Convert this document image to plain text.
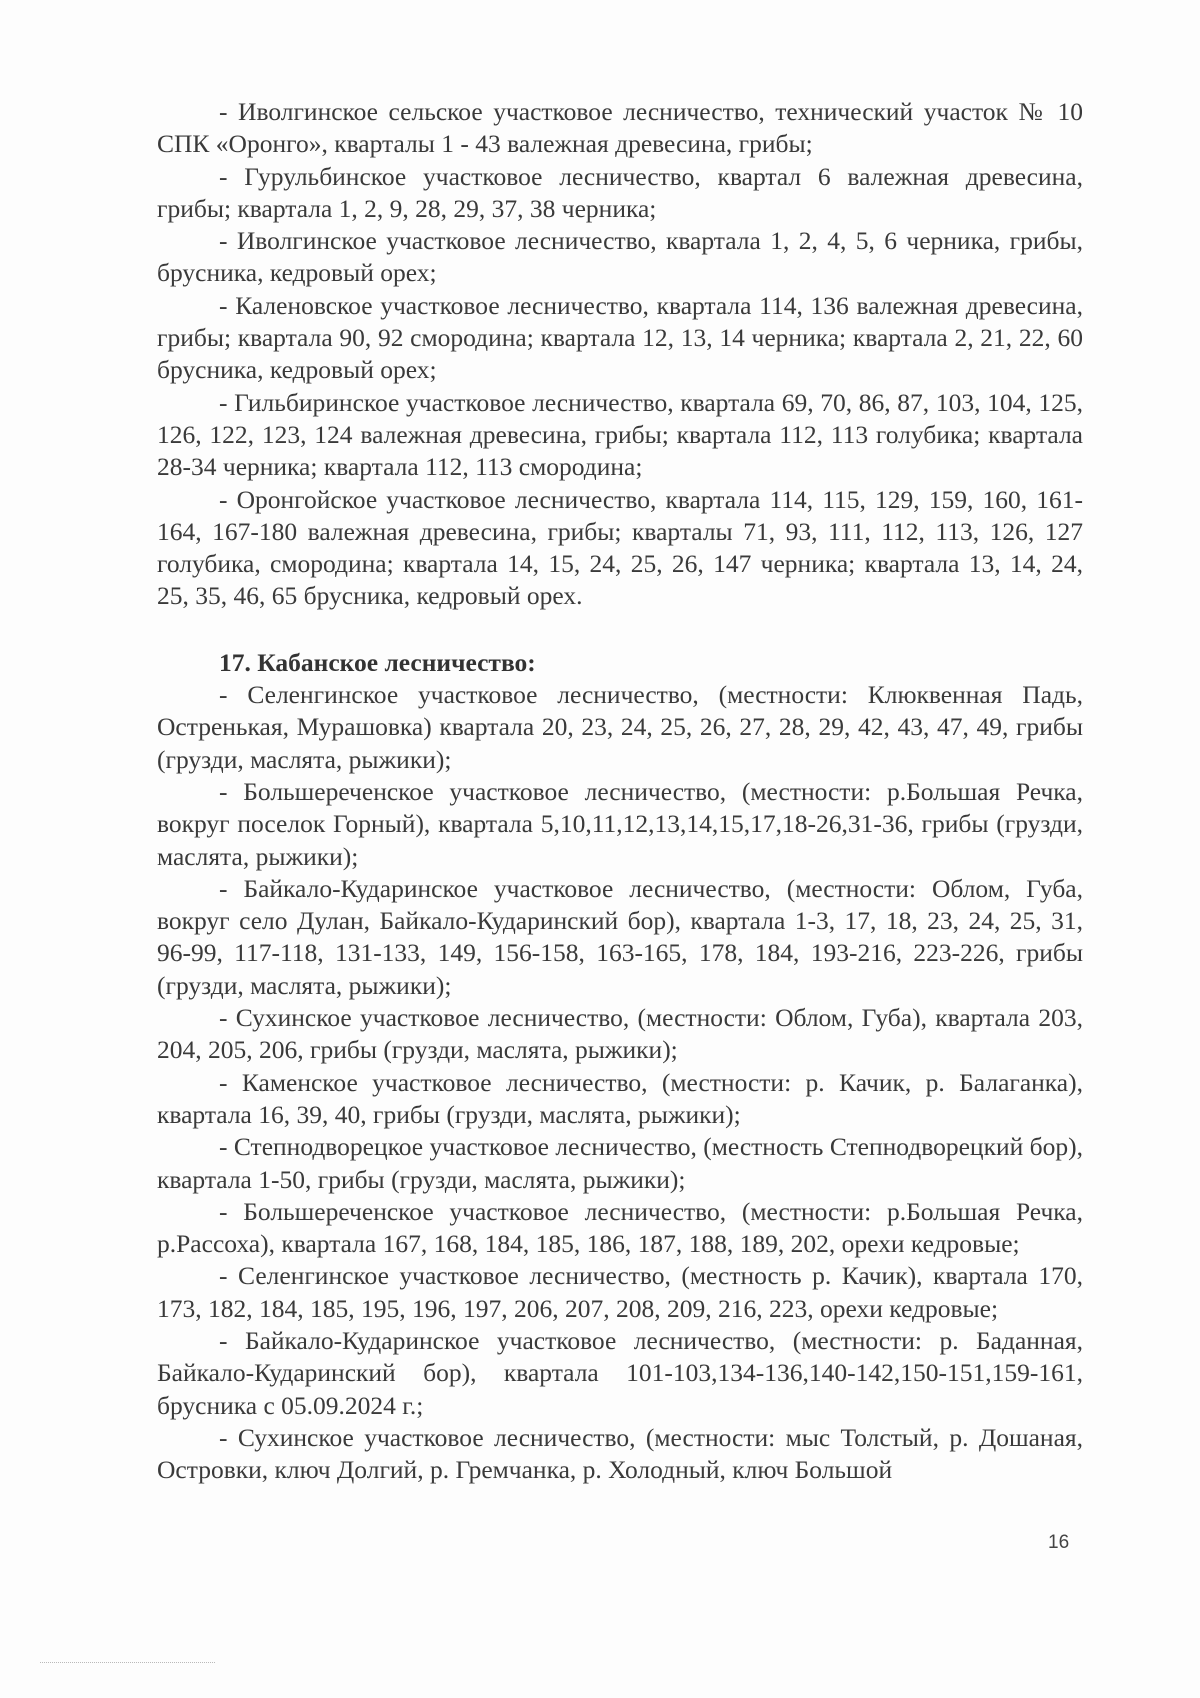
- Иволгинское сельское участковое лесничество, технический участок № 10 СПК «Оронго», кварталы 1 - 43 валежная древесина, грибы;

- Гурульбинское участковое лесничество, квартал 6 валежная древесина, грибы; квартала 1, 2, 9, 28, 29, 37, 38 черника;

- Иволгинское участковое лесничество, квартала 1, 2, 4, 5, 6 черника, грибы, брусника, кедровый орех;

- Каленовское участковое лесничество, квартала 114, 136 валежная древесина, грибы; квартала 90, 92 смородина; квартала 12, 13, 14 черника; квартала 2, 21, 22, 60 брусника, кедровый орех;

- Гильбиринское участковое лесничество, квартала 69, 70, 86, 87, 103, 104, 125, 126, 122, 123, 124 валежная древесина, грибы; квартала 112, 113 голубика; квартала 28-34 черника; квартала 112, 113 смородина;

- Оронгойское участковое лесничество, квартала 114, 115, 129, 159, 160, 161-164, 167-180 валежная древесина, грибы; кварталы 71, 93, 111, 112, 113, 126, 127 голубика, смородина; квартала 14, 15, 24, 25, 26, 147 черника; квартала 13, 14, 24, 25, 35, 46, 65 брусника, кедровый орех.

17. Кабанское лесничество:

- Селенгинское участковое лесничество, (местности: Клюквенная Падь, Остренькая, Мурашовка) квартала 20, 23, 24, 25, 26, 27, 28, 29, 42, 43, 47, 49, грибы (грузди, маслята, рыжики);

- Большереченское участковое лесничество, (местности: р.Большая Речка, вокруг поселок Горный), квартала 5,10,11,12,13,14,15,17,18-26,31-36, грибы (грузди, маслята, рыжики);

- Байкало-Кударинское участковое лесничество, (местности: Облом, Губа, вокруг село Дулан, Байкало-Кударинский бор), квартала 1-3, 17, 18, 23, 24, 25, 31, 96-99, 117-118, 131-133, 149, 156-158, 163-165, 178, 184, 193-216, 223-226, грибы (грузди, маслята, рыжики);

- Сухинское участковое лесничество, (местности: Облом, Губа), квартала 203, 204, 205, 206, грибы (грузди, маслята, рыжики);

- Каменское участковое лесничество, (местности: р. Качик, р. Балаганка), квартала 16, 39, 40, грибы (грузди, маслята, рыжики);

- Степнодворецкое участковое лесничество, (местность Степнодворецкий бор), квартала 1-50, грибы (грузди, маслята, рыжики);

- Большереченское участковое лесничество, (местности: р.Большая Речка, р.Рассоха), квартала 167, 168, 184, 185, 186, 187, 188, 189, 202, орехи кедровые;

- Селенгинское участковое лесничество, (местность р. Качик), квартала 170, 173, 182, 184, 185, 195, 196, 197, 206, 207, 208, 209, 216, 223, орехи кедровые;

- Байкало-Кударинское участковое лесничество, (местности: р. Баданная, Байкало-Кударинский бор), квартала 101-103,134-136,140-142,150-151,159-161, брусника с 05.09.2024 г.;

- Сухинское участковое лесничество, (местности: мыс Толстый, р. Дошаная, Островки, ключ Долгий, р. Гремчанка, р. Холодный, ключ Большой

16
